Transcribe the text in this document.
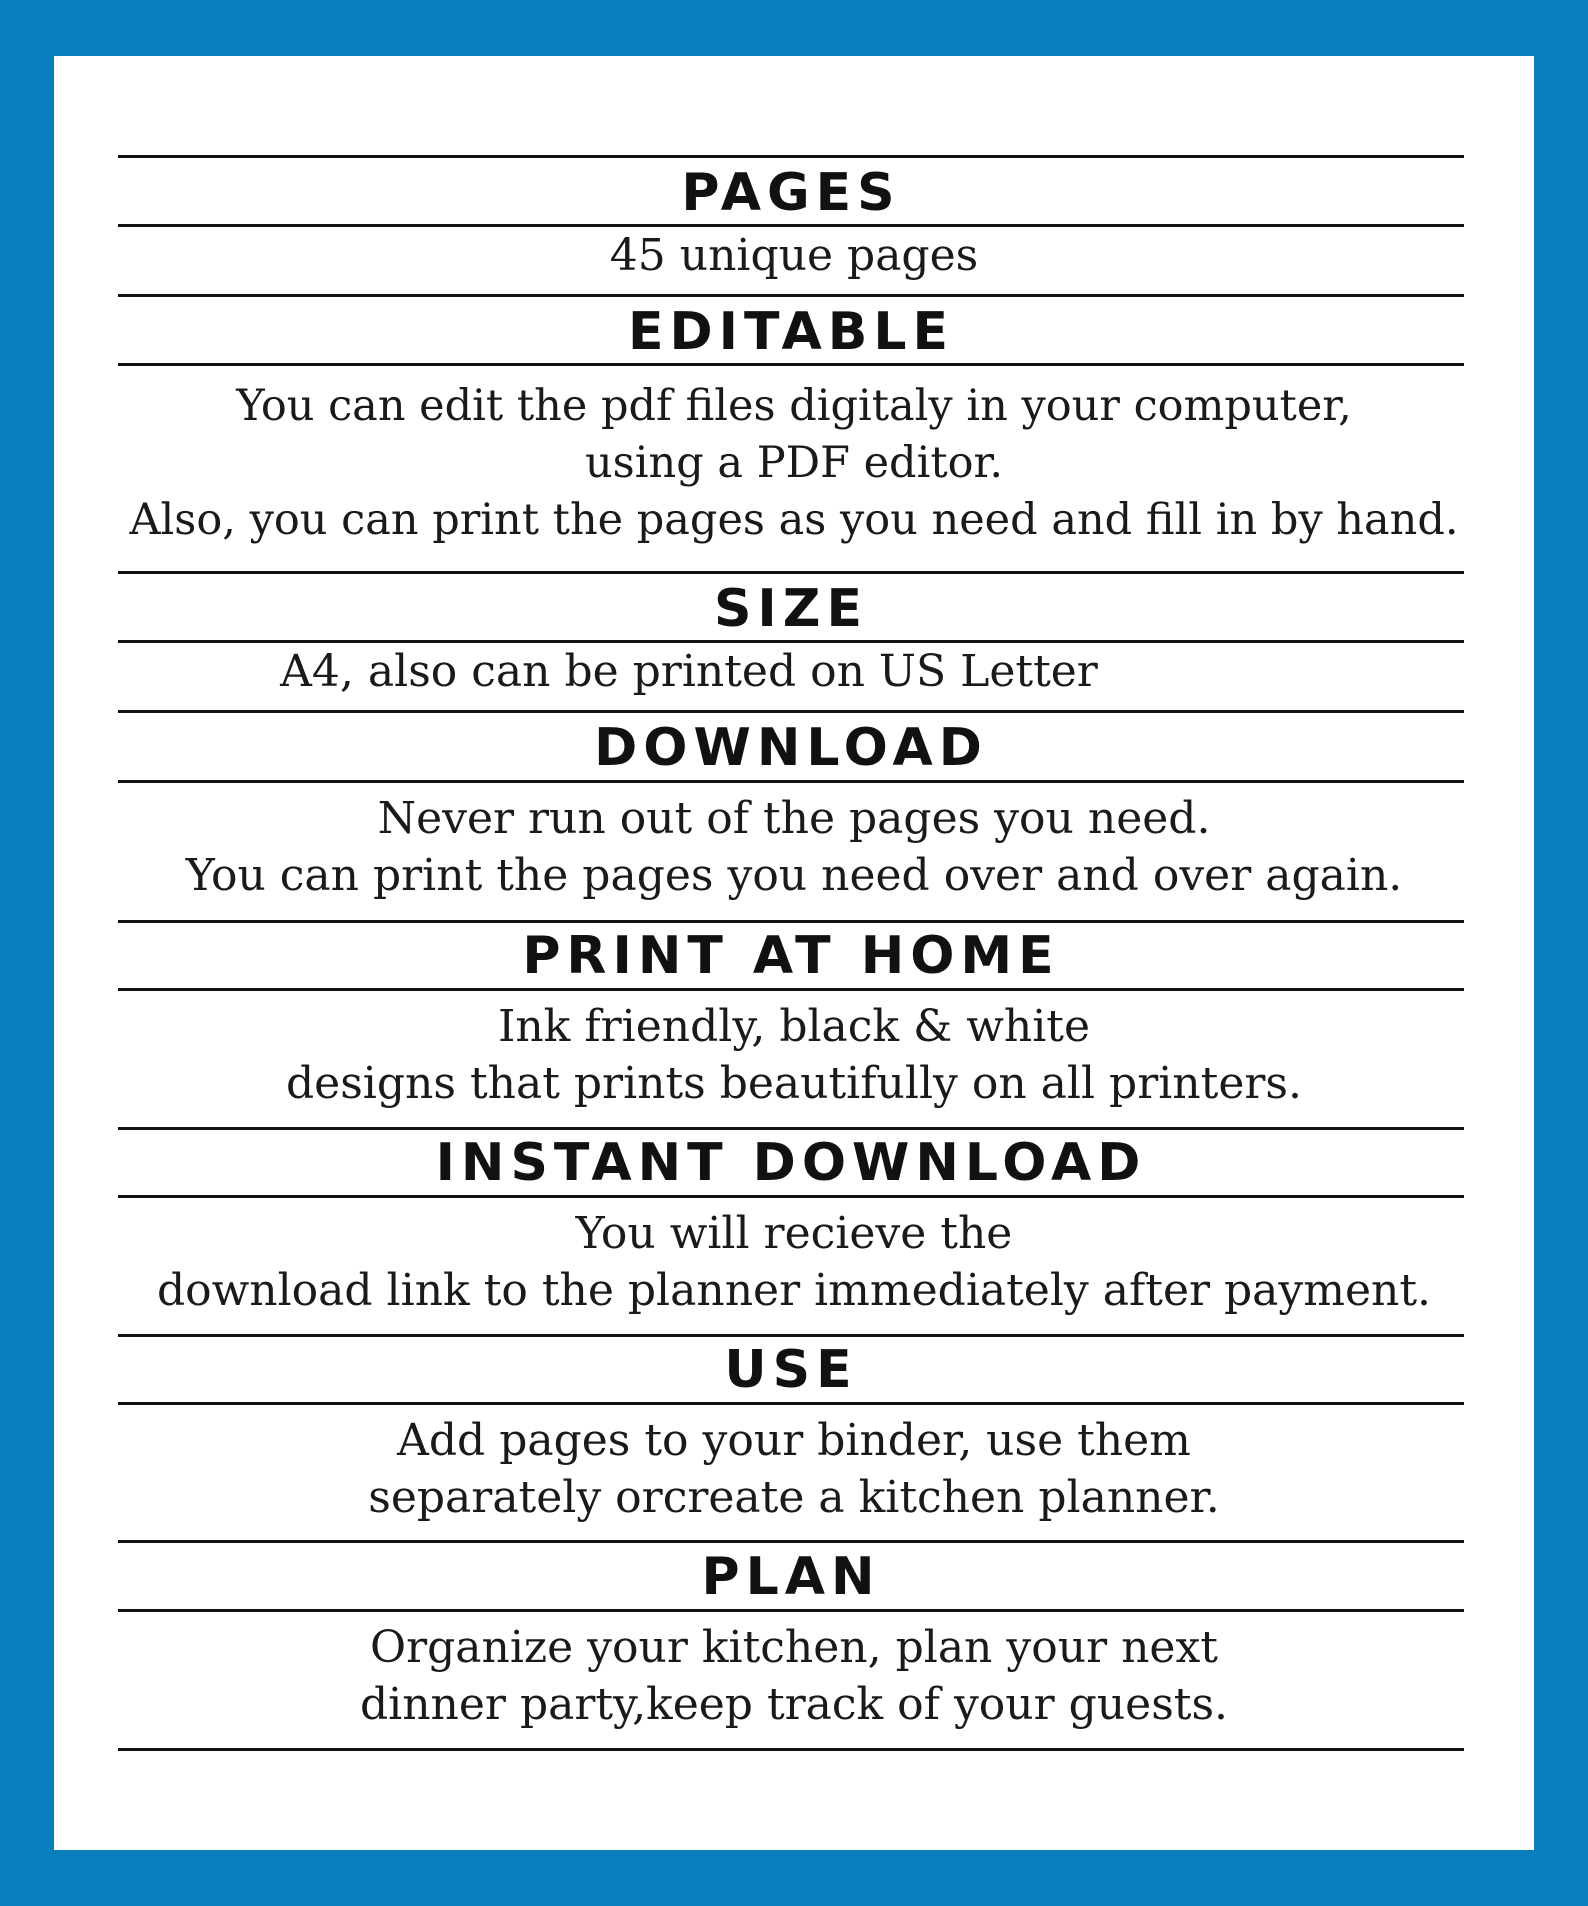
PAGES
45 unique pages
EDITABLE
You can edit the pdf files digitaly in your computer,
using a PDF editor.
Also, you can print the pages as you need and fill in by hand.
SIZE
A4, also can be printed on US Letter
DOWNLOAD
Never run out of the pages you need.
You can print the pages you need over and over again.
PRINT AT HOME
Ink friendly, black & white
designs that prints beautifully on all printers.
INSTANT DOWNLOAD
You will recieve the
download link to the planner immediately after payment.
USE
Add pages to your binder, use them
separately orcreate a kitchen planner.
PLAN
Organize your kitchen, plan your next
dinner party,keep track of your guests.
